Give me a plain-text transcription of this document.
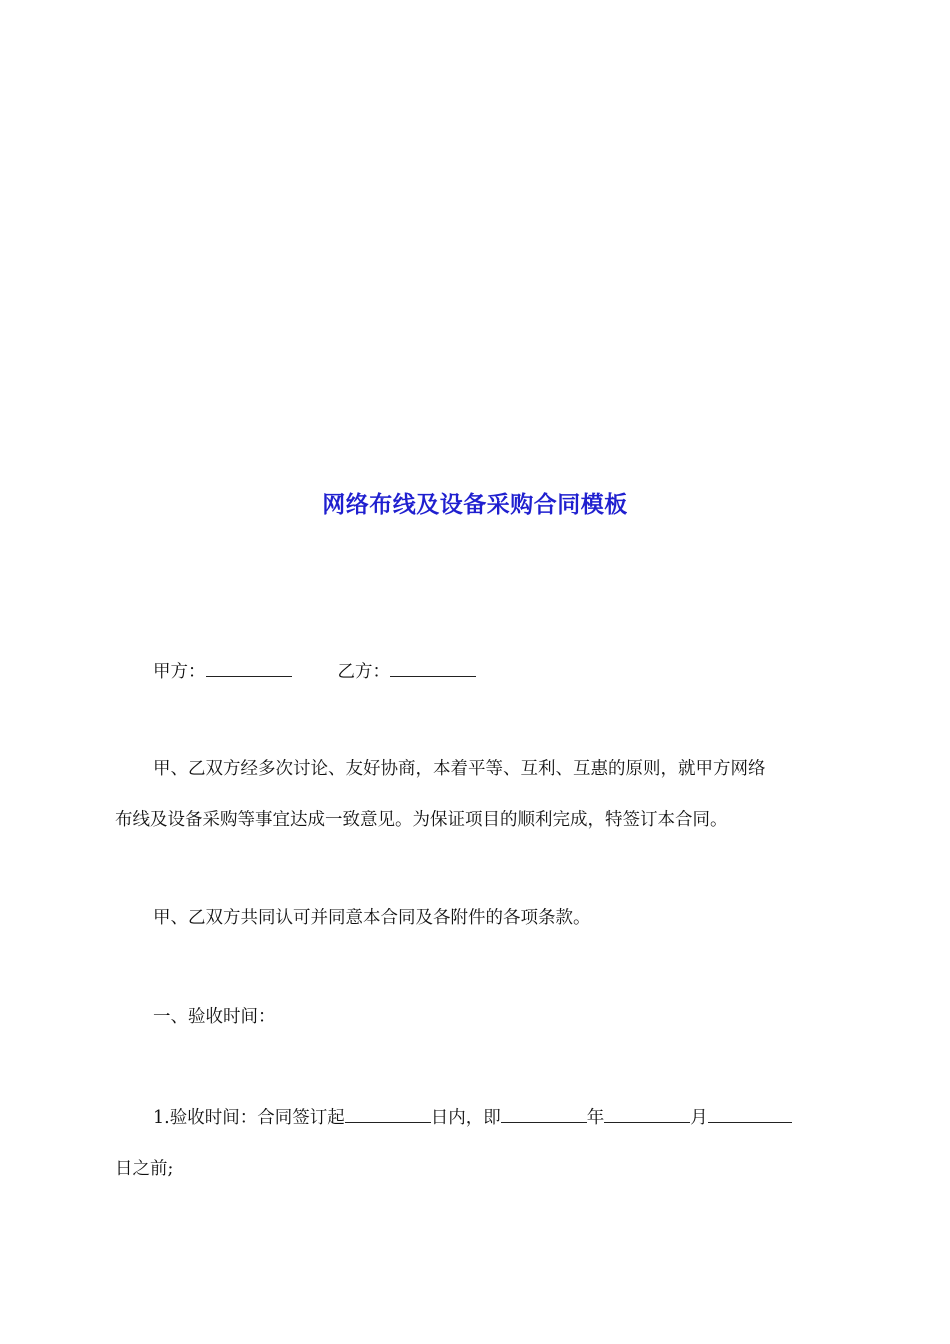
网络布线及设备采购合同模板
甲方：	乙方：
甲、乙双方经多次讨论、友好协商，本着平等、互利、互惠的原则，就甲方网络
布线及设备采购等事宜达成一致意见。为保证项目的顺利完成，特签订本合同。
甲、乙双方共同认可并同意本合同及各附件的各项条款。
一、验收时间：
1.验收时间：合同签订起	日内，即	年	月
日之前;
